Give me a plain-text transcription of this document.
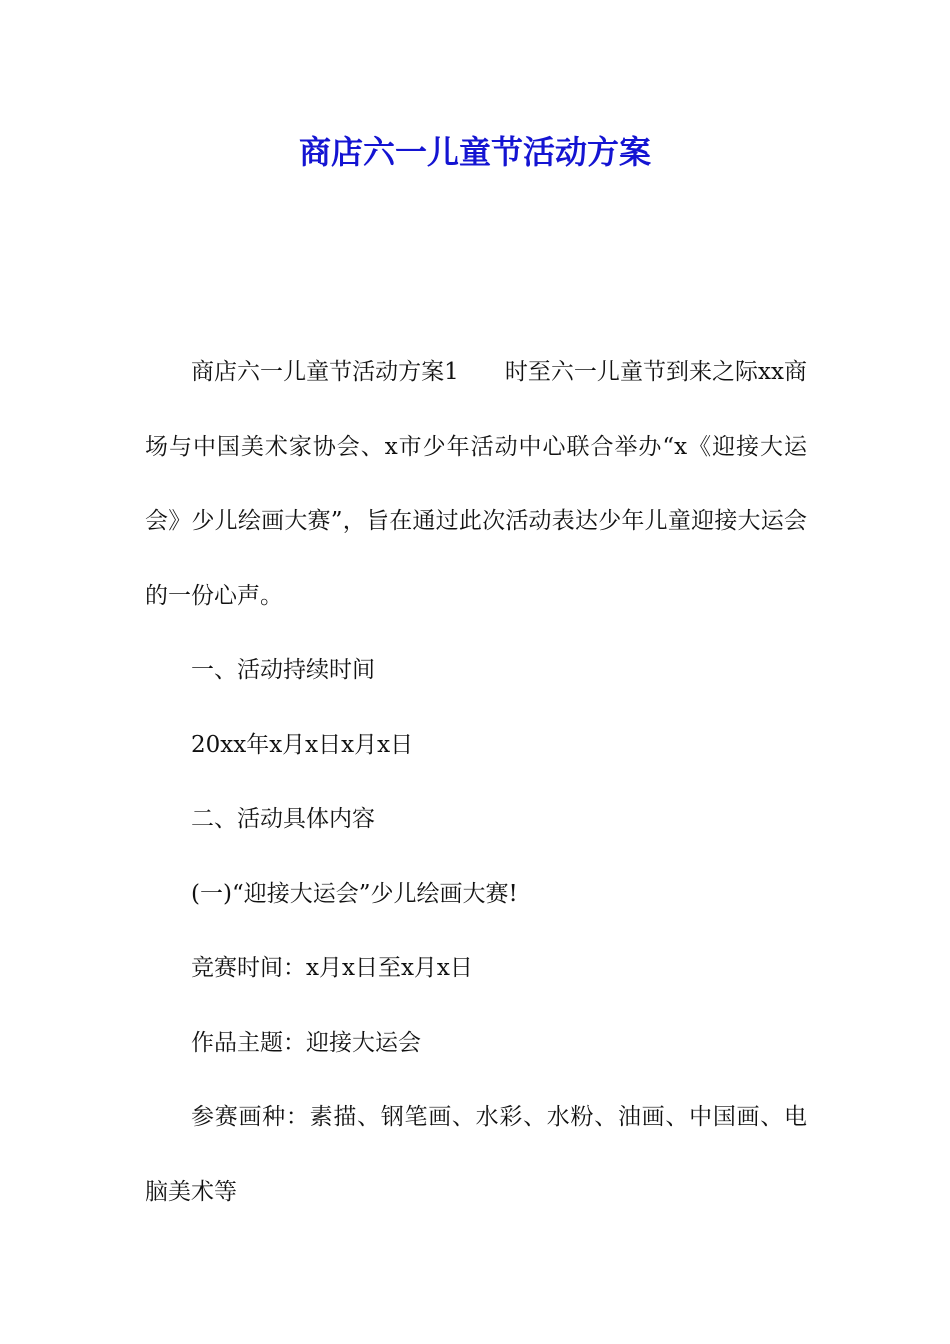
商店六一儿童节活动方案

商店六一儿童节活动方案1　　时至六一儿童节到来之际xx商场与中国美术家协会、x市少年活动中心联合举办“x《迎接大运会》少儿绘画大赛”，旨在通过此次活动表达少年儿童迎接大运会的一份心声。

一、活动持续时间

20xx年x月x日x月x日

二、活动具体内容

(一)“迎接大运会”少儿绘画大赛!

竞赛时间：x月x日至x月x日

作品主题：迎接大运会

参赛画种：素描、钢笔画、水彩、水粉、油画、中国画、电脑美术等
